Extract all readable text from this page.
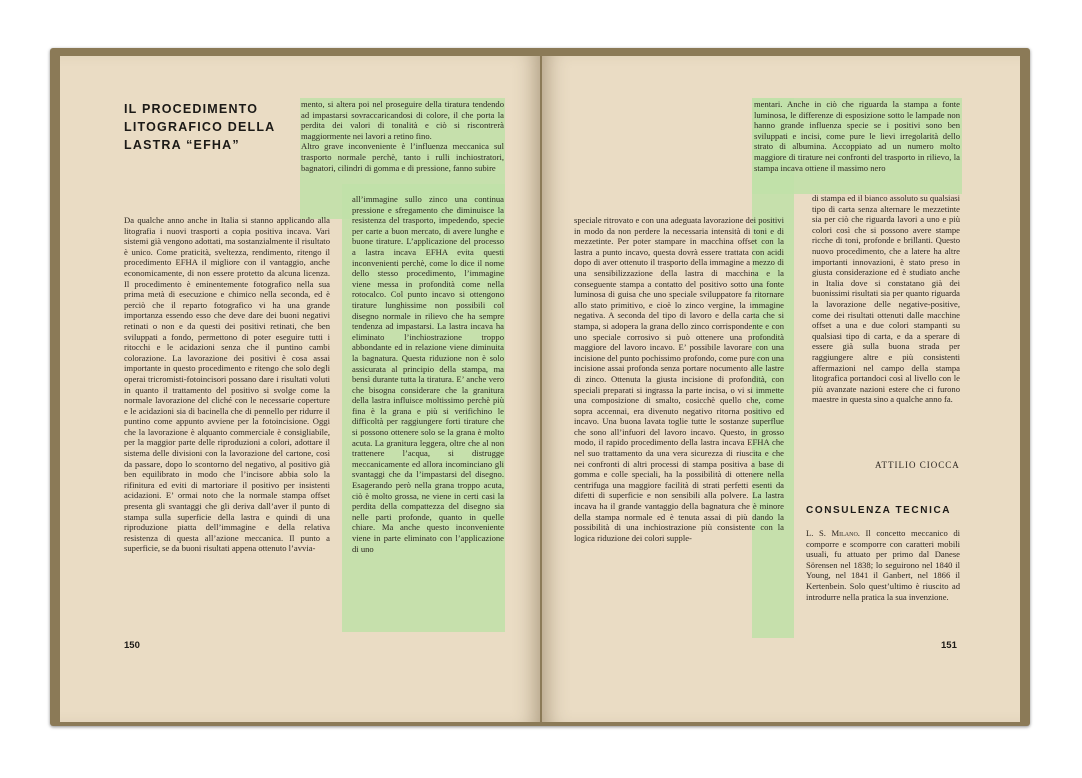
IL PROCEDIMENTO
LITOGRAFICO DELLA
LASTRA “EFHA”

Da qualche anno anche in Italia si stanno applicando alla litografia i nuovi trasporti a copia positiva incava. Vari sistemi già vengono adottati, ma sostanzialmente il risultato è unico. Come praticità, sveltezza, rendimento, ritengo il procedimento EFHA il migliore con il vantaggio, anche economicamente, di non essere protetto da alcuna licenza. Il procedimento è eminentemente fotografico nella sua prima metà di esecuzione e chimico nella seconda, ed è perciò che il reparto fotografico vi ha una grande importanza essendo esso che deve dare dei buoni negativi retinati o non e da questi dei positivi retinati, che ben sviluppati a fondo, permettono di poter eseguire tutti i ritocchi e le acidazioni senza che il puntino cambi colorazione. La lavorazione dei positivi è cosa assai importante in questo procedimento e ritengo che solo degli operai tricromisti-fotoincisori possano dare i risultati voluti in quanto il trattamento del positivo si svolge come la normale lavorazione del cliché con le necessarie coperture e le acidazioni sia di bacinella che di pennello per ridurre il puntino come appunto avviene per la fotoincisione. Oggi che la lavorazione è alquanto commerciale è consigliabile, per la maggior parte delle riproduzioni a colori, adottare il sistema delle divisioni con la lavorazione del cartone, così da passare, dopo lo scontorno del negativo, al positivo già ben equilibrato in modo che l’incisore abbia solo la rifinitura ed eviti di martoriare il positivo per insistenti acidazioni. E’ ormai noto che la normale stampa offset presenta gli svantaggi che gli deriva dall’aver il punto di stampa sulla superficie della lastra e quindi di una riproduzione piatta dell’immagine e della relativa resistenza di questa all’azione meccanica. Il punto a superficie, se da buoni risultati appena ottenuto l’avvia-

mento, si altera poi nel proseguire della tiratura tendendo ad impastarsi sovraccaricandosi di colore, il che porta la perdita dei valori di tonalità e ciò si riscontrerà maggiormente nei lavori a retino fino.

Altro grave inconveniente è l’influenza meccanica sul trasporto normale perchè, tanto i rulli inchiostratori, bagnatori, cilindri di gomma e di pressione, fanno subire

all’immagine sullo zinco una continua pressione e sfregamento che diminuisce la resistenza del trasporto, impedendo, specie per carte a buon mercato, di avere lunghe e buone tirature. L’applicazione del processo a lastra incava EFHA evita questi inconvenienti perchè, come lo dice il nome dello stesso procedimento, l’immagine viene messa in profondità come nella rotocalco. Col punto incavo si ottengono tirature lunghissime non possibili col disegno normale in rilievo che ha sempre tendenza ad impastarsi. La lastra incava ha eliminato l’inchiostrazione troppo abbondante ed in relazione viene diminuita la bagnatura. Questa riduzione non è solo assicurata al principio della stampa, ma bensì durante tutta la tiratura. E’ anche vero che bisogna considerare che la granitura della lastra influisce moltissimo perchè più fina è la grana e più si verifichino le difficoltà per raggiungere forti tirature che si possono ottenere solo se la grana è molto acuta. La granitura leggera, oltre che al non trattenere l’acqua, si distrugge meccanicamente ed allora incominciano gli svantaggi che da l’impastarsi del disegno. Esagerando però nella grana troppo acuta, ciò è molto grossa, ne viene in certi casi la perdita della compattezza del disegno sia nelle parti profonde, quanto in quelle chiare. Ma anche questo inconveniente viene in parte eliminato con l’applicazione di uno

150

speciale ritrovato e con una adeguata lavorazione dei positivi in modo da non perdere la necessaria intensità di toni e di mezzetinte. Per poter stampare in macchina offset con la lastra a punto incavo, questa dovrà essere trattata con acidi dopo di aver ottenuto il trasporto della immagine a mezzo di una sensibilizzazione della lastra di macchina e la conseguente stampa a contatto del positivo sotto una fonte luminosa di guisa che uno speciale sviluppatore fa ritornare allo stato primitivo, e cioè lo zinco vergine, la immagine negativa. A seconda del tipo di lavoro e della carta che si stampa, si adopera la grana dello zinco corrispondente e con uno speciale corrosivo si può ottenere una profondità maggiore del lavoro incavo. E’ possibile lavorare con una incisione del punto pochissimo profondo, come pure con una incisione assai profonda senza portare nocumento alle lastre di zinco. Ottenuta la giusta incisione di profondità, con speciali preparati si ingrassa la parte incisa, o vi si immette una composizione di smalto, cosicchè quello che, come sopra accennai, era divenuto negativo ritorna positivo ed incavo. Una buona lavata toglie tutte le sostanze superflue che sono all’infuori del lavoro incavo. Questo, in grosso modo, il rapido procedimento della lastra incava EFHA che nel suo trattamento da una vera sicurezza di riuscita e che nei confronti di altri processi di stampa positiva a base di gomma e colle speciali, ha la possibilità di ottenere nella centrifuga una maggiore facilità di strati perfetti esenti da difetti di superficie e non sensibili alla polvere. La lastra incava ha il grande vantaggio della bagnatura che è minore della stampa normale ed è tenuta assai di più dando la possibilità di una inchiostrazione più consistente con la logica riduzione dei colori supple-

mentari. Anche in ciò che riguarda la stampa a fonte luminosa, le differenze di esposizione sotto le lampade non hanno grande influenza specie se i positivi sono ben sviluppati e incisi, come pure le lievi irregolarità dello strato di albumina. Accoppiato ad un numero molto maggiore di tirature nei confronti del trasporto in rilievo, la stampa incava ottiene il massimo nero

di stampa ed il bianco assoluto su qualsiasi tipo di carta senza alternare le mezzetinte sia per ciò che riguarda lavori a uno e più colori così che si possono avere stampe ricche di toni, profonde e brillanti. Questo nuovo procedimento, che a latere ha altre importanti innovazioni, è stato preso in giusta considerazione ed è studiato anche in Italia dove si constatano già dei buonissimi risultati sia per quanto riguarda la lavorazione delle negative-positive, come dei risultati ottenuti dalle macchine offset a una e due colori stampanti su qualsiasi tipo di carta, e da a sperare di essere già sulla buona strada per raggiungere altre e più consistenti affermazioni nel campo della stampa litografica portandoci così al livello con le più avanzate nazioni estere che ci furono maestre in questa sino a qualche anno fa.

ATTILIO CIOCCA
CONSULENZA TECNICA

L. S. Milano. Il concetto meccanico di comporre e scomporre con caratteri mobili usuali, fu attuato per primo dal Danese Sörensen nel 1838; lo seguirono nel 1840 il Young, nel 1841 il Ganbert, nel 1866 il Kertenbein. Solo quest’ultimo è riuscito ad introdurre nella pratica la sua invenzione.

151
